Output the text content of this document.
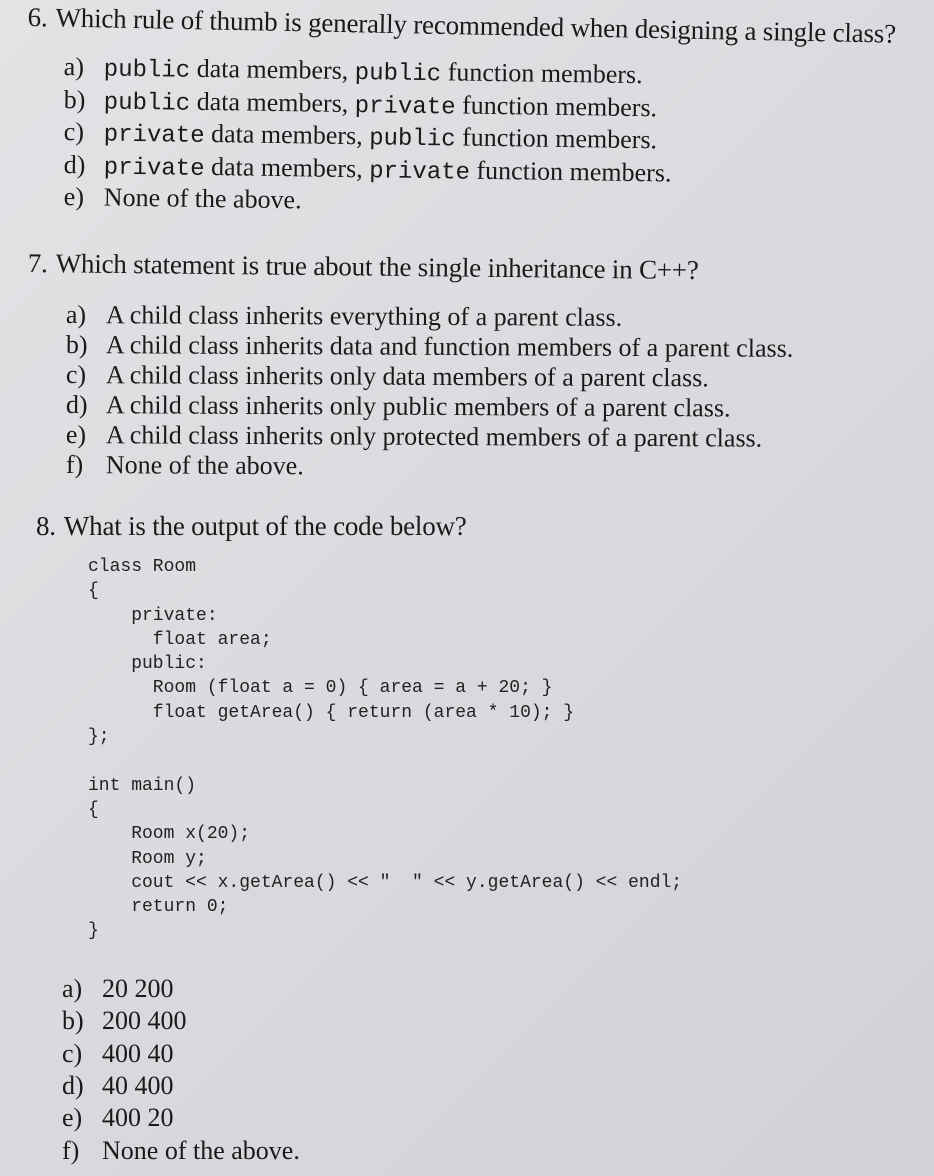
6. Which rule of thumb is generally recommended when designing a single class?
a) public data members, public function members.
b) public data members, private function members.
c) private data members, public function members.
d) private data members, private function members.
e) None of the above.
7. Which statement is true about the single inheritance in C++?
a) A child class inherits everything of a parent class.
b) A child class inherits data and function members of a parent class.
c) A child class inherits only data members of a parent class.
d) A child class inherits only public members of a parent class.
e) A child class inherits only protected members of a parent class.
f) None of the above.
8. What is the output of the code below?
class Room
{
private:
float area;
public:
Room (float a = 0) { area = a + 20; }
float getArea() { return (area * 10); }
};

int main()
{
Room x(20);
Room y;
cout << x.getArea() << "  " << y.getArea() << endl;
return 0;
}
a) 20 200
b) 200 400
c) 400 40
d) 40 400
e) 400 20
f) None of the above.
